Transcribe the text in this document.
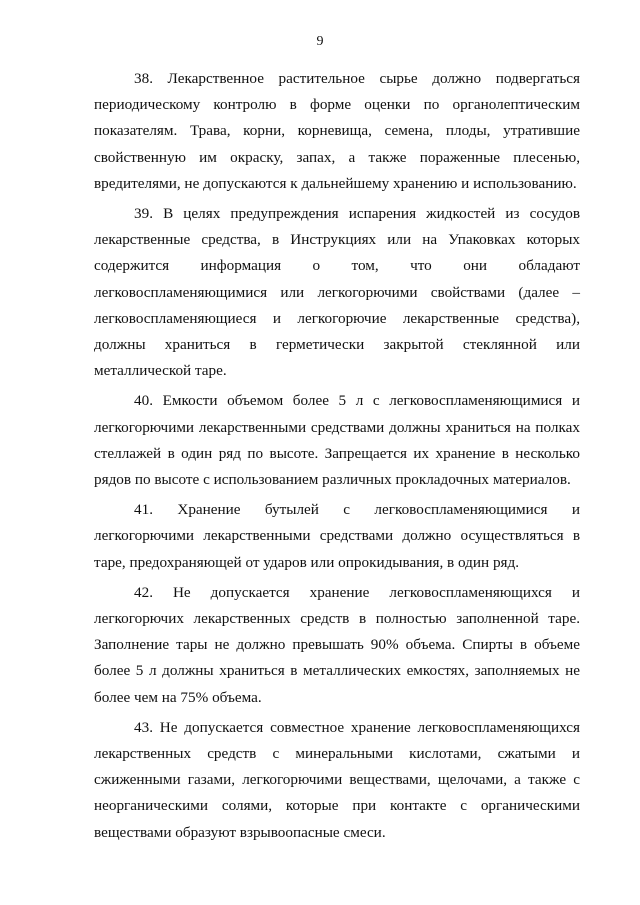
9

38. Лекарственное растительное сырье должно подвергаться периодическому контролю в форме оценки по органолептическим показателям. Трава, корни, корневища, семена, плоды, утратившие свойственную им окраску, запах, а также пораженные плесенью, вредителями, не допускаются к дальнейшему хранению и использованию.

39. В целях предупреждения испарения жидкостей из сосудов лекарственные средства, в Инструкциях или на Упаковках которых содержится информация о том, что они обладают легковоспламеняющимися или легкогорючими свойствами (далее – легковоспламеняющиеся и легкогорючие лекарственные средства), должны храниться в герметически закрытой стеклянной или металлической таре.

40. Емкости объемом более 5 л с легковоспламеняющимися и легкогорючими лекарственными средствами должны храниться на полках стеллажей в один ряд по высоте. Запрещается их хранение в несколько рядов по высоте с использованием различных прокладочных материалов.

41. Хранение бутылей с легковоспламеняющимися и легкогорючими лекарственными средствами должно осуществляться в таре, предохраняющей от ударов или опрокидывания, в один ряд.

42. Не допускается хранение легковоспламеняющихся и легкогорючих лекарственных средств в полностью заполненной таре. Заполнение тары не должно превышать 90% объема. Спирты в объеме более 5 л должны храниться в металлических емкостях, заполняемых не более чем на 75% объема.

43. Не допускается совместное хранение легковоспламеняющихся лекарственных средств с минеральными кислотами, сжатыми и сжиженными газами, легкогорючими веществами, щелочами, а также с неорганическими солями, которые при контакте с органическими веществами образуют взрывоопасные смеси.
